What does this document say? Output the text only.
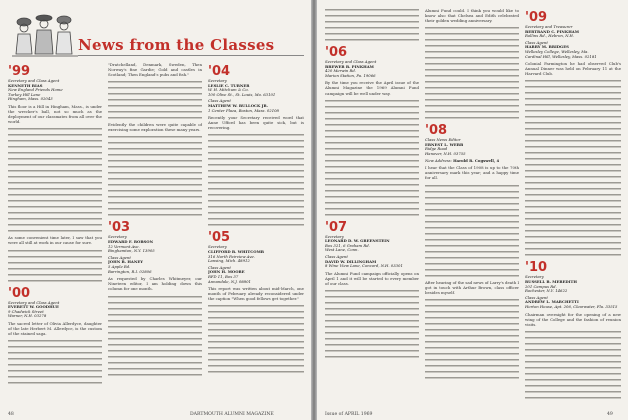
News from the Classes
'99
Secretary and Class Agent
KENNETH BIAS
New England Friends Home
Turkey Hill Lane
Hingham, Mass. 02043

This floor is a Hill in Hingham, Mass., is under the wrecker's ball, not so much as the deployment of our classmates from all over the world.

As some convenient time later, I saw that you were all still at work in our cause for sure.

'00
Secretary and Class Agent
EVERETT W. GOODHUE
9 Chadwick Street
Warner, N.H. 03278

The sacred letter of Olivia Allerdyce, daughter of the late Herbert M. Allerdyce, is the custom of the stained saga.

"Dratchelland, Denmark, Sweden, Then Norway's fine Gardie; Gold and castles in Scotland; Then England's pubs and fish."

Evidently the children were quite capable of exercising some exploration these many years.

'03
Secretary
EDWARD F. ROBSON
12 Vermont Ave.
Binghamton, N.Y. 13905
Class Agent
JOHN B. HANEY
5 Apple Rd.
Barrington, R.I. 02806

As requested by Charles Whitmeyer, our Nineteen editor, I am holding down this column for one month.

'04
Secretary
LESLIE C. TURNER
W. H. Mitchum & Co.
100 Olive St., St. Louis, Mo. 63101
Class Agent
MATTHEW W. BULLOCK JR.
1 Center Plaza, Boston, Mass. 02108

Recently your Secretary received word that Anne Ufford has been quite sick, but is recovering.

'05
Secretary
CLIFFORD B. WHITCOMB
316 North Fairview Ave.
Lansing, Mich. 48912
Class Agent
JOHN H. MOORE
RFD 11, Box 37
Annandale, N.J. 08801

This report was written about mid-March, one month of February already reconsidered under the caption "When good fellows get together."

48	DARTMOUTH ALUMNI MAGAZINE
'06
Secretary and Class Agent
BREWER B. PINKHAM
420 Merwin Rd.
Marion Station, Pa. 19066

By the time you receive the April issue of the Alumni Magazine the 1969 Alumni Fund campaign will be well under way.

'07
Secretary
LEONARD D. W. GREENSTEIN
Box 321, 6 Graham Rd.
West Lane, Conn.
Class Agent
DAVID W. DILLINGHAM
8 Wine View Lane, Concord, N.H. 03301

The Alumni Fund campaign officially opens on April 1 and it will be started to every member of our class.

Alumni Fund could. I think you would like to know also that Chelsea and Edith celebrated their golden wedding anniversary.

'08
Class News Editor
ERNEST L. WEBB
Ridge Road
Hanover, N.H. 03755
New Address: Harold R. Cogswell, 4

I hear that the Class of 1908 is up to the 70th anniversary mark this year; and a happy time for all.

After hearing of the sad news of Larry's death I got in touch with Arthur Brown, class officer besides myself.

'09
Secretary and Treasurer
BERTRAND C. PINKHAM
Rollins Rd., Hebron, N.H.
Class Agent
HARRY M. BRIDGES
Wellesley College, Wellesley, Ma.
Cardinal Hill, Wellesley, Mass. 02181

Colonial Farmington he had observed Club's Annual Dinner was held on February 11 at the Harvard Club.

'10
Secretary
RUSSELL B. MEREDITH
201 Campus Rd.
Rochester, N.Y. 14622
Class Agent
ANDREW L. MARCHETTI
Horton House, Apt. 206, Clearwater, Fla. 33515

Chairman overnight for the opening of a new wing of the College and the fashion of reunion visits.

Issue of APRIL 1969	49
